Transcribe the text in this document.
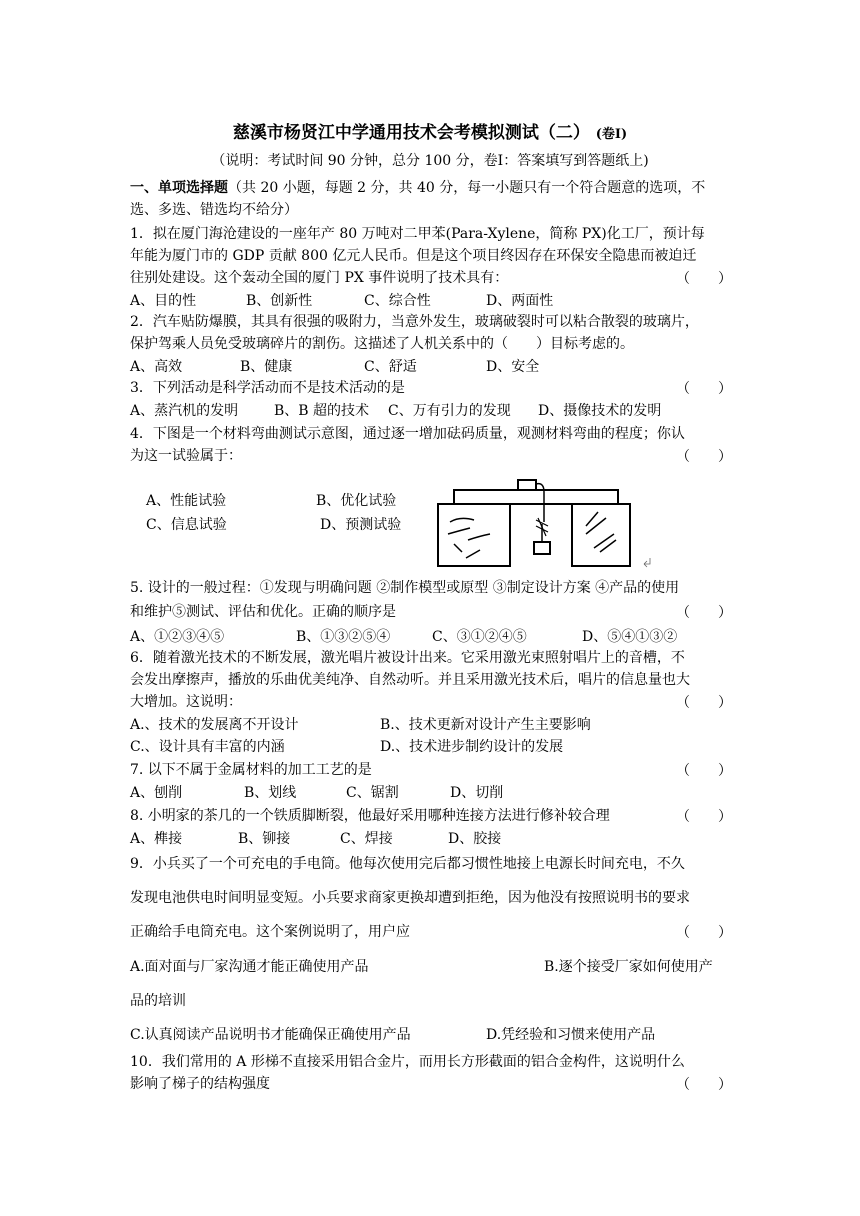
慈溪市杨贤江中学通用技术会考模拟测试（二） (卷Ⅰ)
（说明：考试时间 90 分钟，总分 100 分，卷Ⅰ：答案填写到答题纸上)
一、单项选择题（共 20 小题，每题 2 分，共 40 分，每一小题只有一个符合题意的选项，不
选、多选、错选均不给分）
1．拟在厦门海沧建设的一座年产 80 万吨对二甲苯(Para-Xylene，简称 PX)化工厂，预计每
年能为厦门市的 GDP 贡献 800 亿元人民币。但是这个项目终因存在环保安全隐患而被迫迁
往别处建设。这个轰动全国的厦门 PX 事件说明了技术具有：	（　　）
A、目的性	B、创新性	C、综合性	D、两面性
2．汽车贴防爆膜，其具有很强的吸附力，当意外发生，玻璃破裂时可以粘合散裂的玻璃片，
保护驾乘人员免受玻璃碎片的割伤。这描述了人机关系中的（　　）目标考虑的。
A、高效	B、健康	C、舒适	D、安全
3．下列活动是科学活动而不是技术活动的是	（　　）
A、蒸汽机的发明	B、B 超的技术 C、万有引力的发现 D、摄像技术的发明
4．下图是一个材料弯曲测试示意图，通过逐一增加砝码质量，观测材料弯曲的程度；你认
为这一试验属于：	（　　）
A、性能试验	B、优化试验
C、信息试验	D、预测试验
5. 设计的一般过程：①发现与明确问题 ②制作模型或原型 ③制定设计方案 ④产品的使用
和维护⑤测试、评估和优化。正确的顺序是	（　　）
A、①②③④⑤	B、①③②⑤④	C、③①②④⑤	D、⑤④①③②
6．随着激光技术的不断发展，激光唱片被设计出来。它采用激光束照射唱片上的音槽，不
会发出摩擦声，播放的乐曲优美纯净、自然动听。并且采用激光技术后，唱片的信息量也大
大增加。这说明：	（　　）
A.、技术的发展离不开设计	B.、技术更新对设计产生主要影响
C.、设计具有丰富的内涵	D.、技术进步制约设计的发展
7. 以下不属于金属材料的加工工艺的是	（　　）
A、刨削	B、划线	C、锯割	D、切削
8. 小明家的茶几的一个铁质脚断裂，他最好采用哪种连接方法进行修补较合理	（　　）
A、榫接	B、铆接	C、焊接	D、胶接
9．小兵买了一个可充电的手电筒。他每次使用完后都习惯性地接上电源长时间充电，不久
发现电池供电时间明显变短。小兵要求商家更换却遭到拒绝，因为他没有按照说明书的要求
正确给手电筒充电。这个案例说明了，用户应	（　　）
A.面对面与厂家沟通才能正确使用产品	B.逐个接受厂家如何使用产
品的培训
C.认真阅读产品说明书才能确保正确使用产品	D.凭经验和习惯来使用产品
10．我们常用的 A 形梯不直接采用铝合金片，而用长方形截面的铝合金构件，这说明什么
影响了梯子的结构强度	（　　）
